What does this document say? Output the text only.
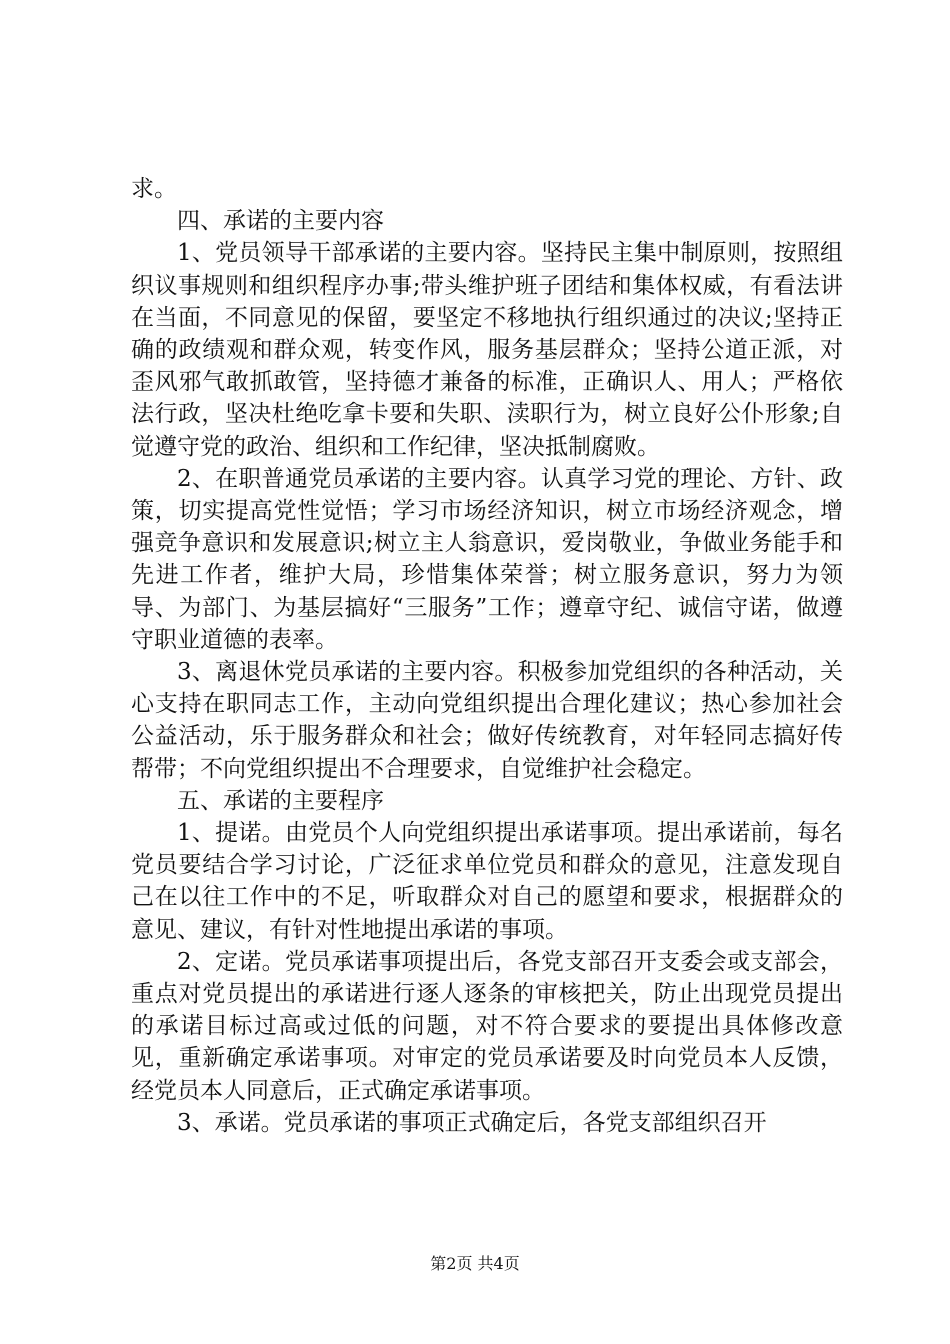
求。

四、承诺的主要内容

1、党员领导干部承诺的主要内容。坚持民主集中制原则，按照组织议事规则和组织程序办事;带头维护班子团结和集体权威，有看法讲在当面，不同意见的保留，要坚定不移地执行组织通过的决议;坚持正确的政绩观和群众观，转变作风，服务基层群众；坚持公道正派，对歪风邪气敢抓敢管，坚持德才兼备的标准，正确识人、用人；严格依法行政，坚决杜绝吃拿卡要和失职、渎职行为，树立良好公仆形象;自觉遵守党的政治、组织和工作纪律，坚决抵制腐败。

2、在职普通党员承诺的主要内容。认真学习党的理论、方针、政策，切实提高党性觉悟；学习市场经济知识，树立市场经济观念，增强竞争意识和发展意识;树立主人翁意识，爱岗敬业，争做业务能手和先进工作者，维护大局，珍惜集体荣誉；树立服务意识，努力为领导、为部门、为基层搞好“三服务”工作；遵章守纪、诚信守诺，做遵守职业道德的表率。

3、离退休党员承诺的主要内容。积极参加党组织的各种活动，关心支持在职同志工作，主动向党组织提出合理化建议；热心参加社会公益活动，乐于服务群众和社会；做好传统教育，对年轻同志搞好传帮带；不向党组织提出不合理要求，自觉维护社会稳定。

五、承诺的主要程序

1、提诺。由党员个人向党组织提出承诺事项。提出承诺前，每名党员要结合学习讨论，广泛征求单位党员和群众的意见，注意发现自己在以往工作中的不足，听取群众对自己的愿望和要求，根据群众的意见、建议，有针对性地提出承诺的事项。

2、定诺。党员承诺事项提出后，各党支部召开支委会或支部会，重点对党员提出的承诺进行逐人逐条的审核把关，防止出现党员提出的承诺目标过高或过低的问题，对不符合要求的要提出具体修改意见，重新确定承诺事项。对审定的党员承诺要及时向党员本人反馈，经党员本人同意后，正式确定承诺事项。

3、承诺。党员承诺的事项正式确定后，各党支部组织召开

第2页 共4页
